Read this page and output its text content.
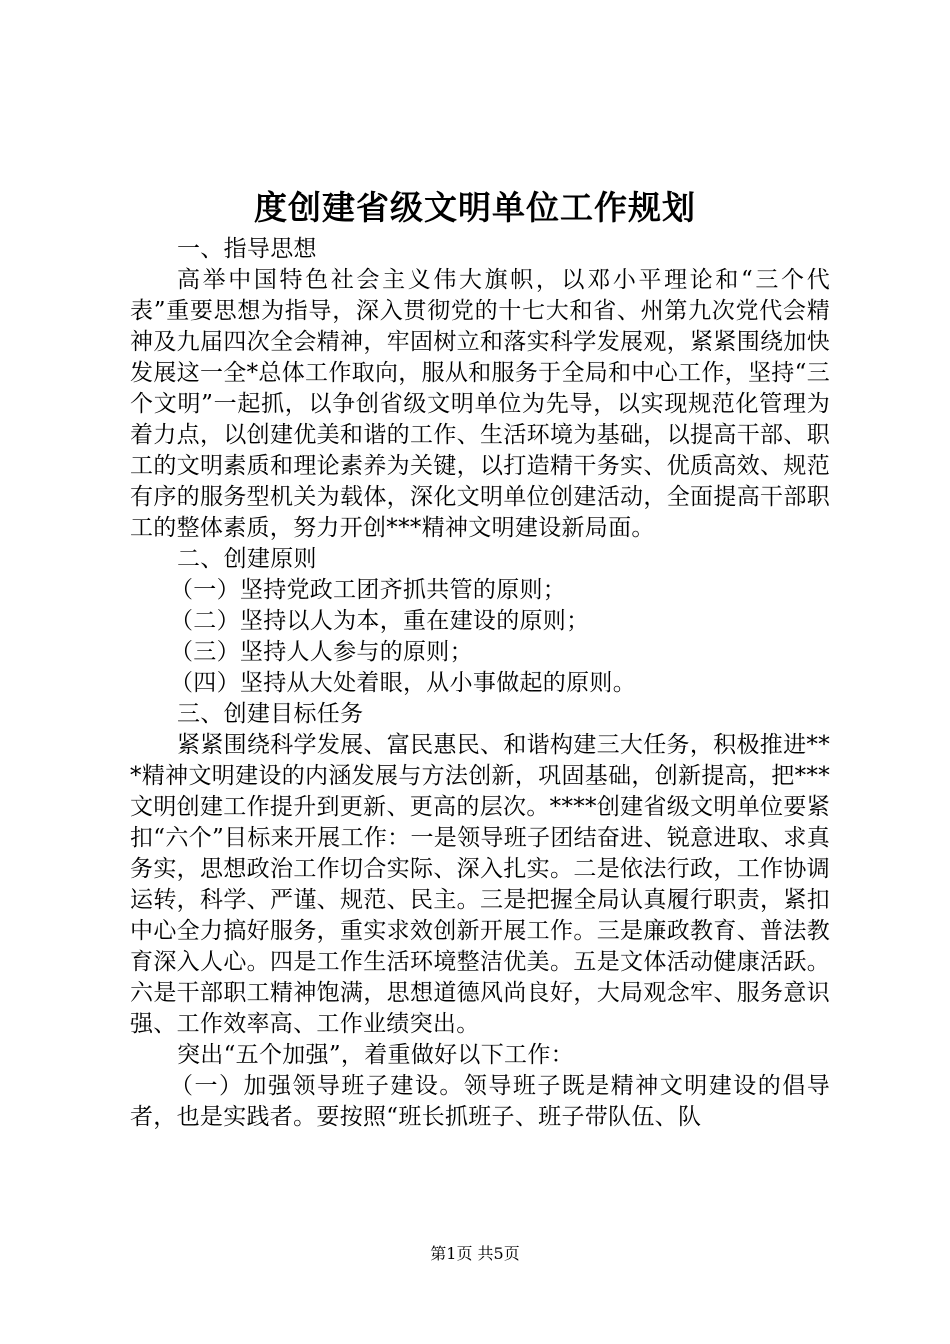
度创建省级文明单位工作规划

一、指导思想

高举中国特色社会主义伟大旗帜，以邓小平理论和“三个代表”重要思想为指导，深入贯彻党的十七大和省、州第九次党代会精神及九届四次全会精神，牢固树立和落实科学发展观，紧紧围绕加快发展这一全*总体工作取向，服从和服务于全局和中心工作，坚持“三个文明”一起抓，以争创省级文明单位为先导，以实现规范化管理为着力点，以创建优美和谐的工作、生活环境为基础，以提高干部、职工的文明素质和理论素养为关键，以打造精干务实、优质高效、规范有序的服务型机关为载体，深化文明单位创建活动，全面提高干部职工的整体素质，努力开创***精神文明建设新局面。

二、创建原则

（一）坚持党政工团齐抓共管的原则；

（二）坚持以人为本，重在建设的原则；

（三）坚持人人参与的原则；

（四）坚持从大处着眼，从小事做起的原则。

三、创建目标任务

紧紧围绕科学发展、富民惠民、和谐构建三大任务，积极推进***精神文明建设的内涵发展与方法创新，巩固基础，创新提高，把***文明创建工作提升到更新、更高的层次。****创建省级文明单位要紧扣“六个”目标来开展工作：一是领导班子团结奋进、锐意进取、求真务实，思想政治工作切合实际、深入扎实。二是依法行政，工作协调运转，科学、严谨、规范、民主。三是把握全局认真履行职责，紧扣中心全力搞好服务，重实求效创新开展工作。三是廉政教育、普法教育深入人心。四是工作生活环境整洁优美。五是文体活动健康活跃。六是干部职工精神饱满，思想道德风尚良好，大局观念牢、服务意识强、工作效率高、工作业绩突出。

突出“五个加强”，着重做好以下工作：

（一）加强领导班子建设。领导班子既是精神文明建设的倡导者，也是实践者。要按照“班长抓班子、班子带队伍、队

第1页 共5页
